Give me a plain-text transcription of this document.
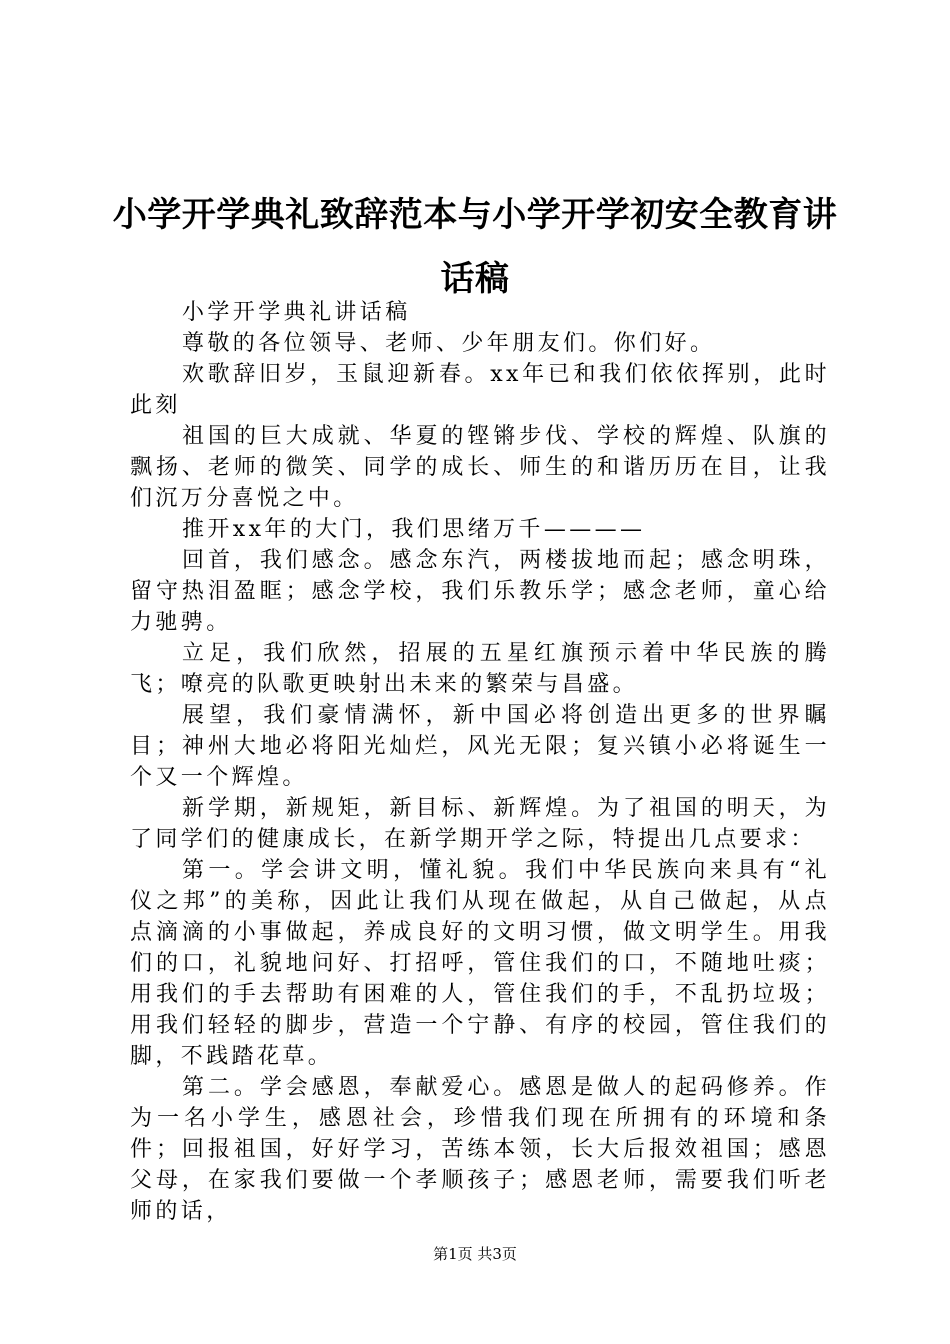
小学开学典礼致辞范本与小学开学初安全教育讲话稿

小学开学典礼讲话稿

尊敬的各位领导、老师、少年朋友们。你们好。

欢歌辞旧岁，玉鼠迎新春。xx年已和我们依依挥别，此时此刻

祖国的巨大成就、华夏的铿锵步伐、学校的辉煌、队旗的飘扬、老师的微笑、同学的成长、师生的和谐历历在目，让我们沉万分喜悦之中。

推开xx年的大门，我们思绪万千————

回首，我们感念。感念东汽，两楼拔地而起；感念明珠，留守热泪盈眶；感念学校，我们乐教乐学；感念老师，童心给力驰骋。

立足，我们欣然，招展的五星红旗预示着中华民族的腾飞；嘹亮的队歌更映射出未来的繁荣与昌盛。

展望，我们豪情满怀，新中国必将创造出更多的世界瞩目；神州大地必将阳光灿烂，风光无限；复兴镇小必将诞生一个又一个辉煌。

新学期，新规矩，新目标、新辉煌。为了祖国的明天，为了同学们的健康成长，在新学期开学之际，特提出几点要求：

第一。学会讲文明，懂礼貌。我们中华民族向来具有“礼仪之邦”的美称，因此让我们从现在做起，从自己做起，从点点滴滴的小事做起，养成良好的文明习惯，做文明学生。用我们的口，礼貌地问好、打招呼，管住我们的口，不随地吐痰；用我们的手去帮助有困难的人，管住我们的手，不乱扔垃圾；用我们轻轻的脚步，营造一个宁静、有序的校园，管住我们的脚，不践踏花草。

第二。学会感恩，奉献爱心。感恩是做人的起码修养。作为一名小学生，感恩社会，珍惜我们现在所拥有的环境和条件；回报祖国，好好学习，苦练本领，长大后报效祖国；感恩父母，在家我们要做一个孝顺孩子；感恩老师，需要我们听老师的话，

第1页 共3页
